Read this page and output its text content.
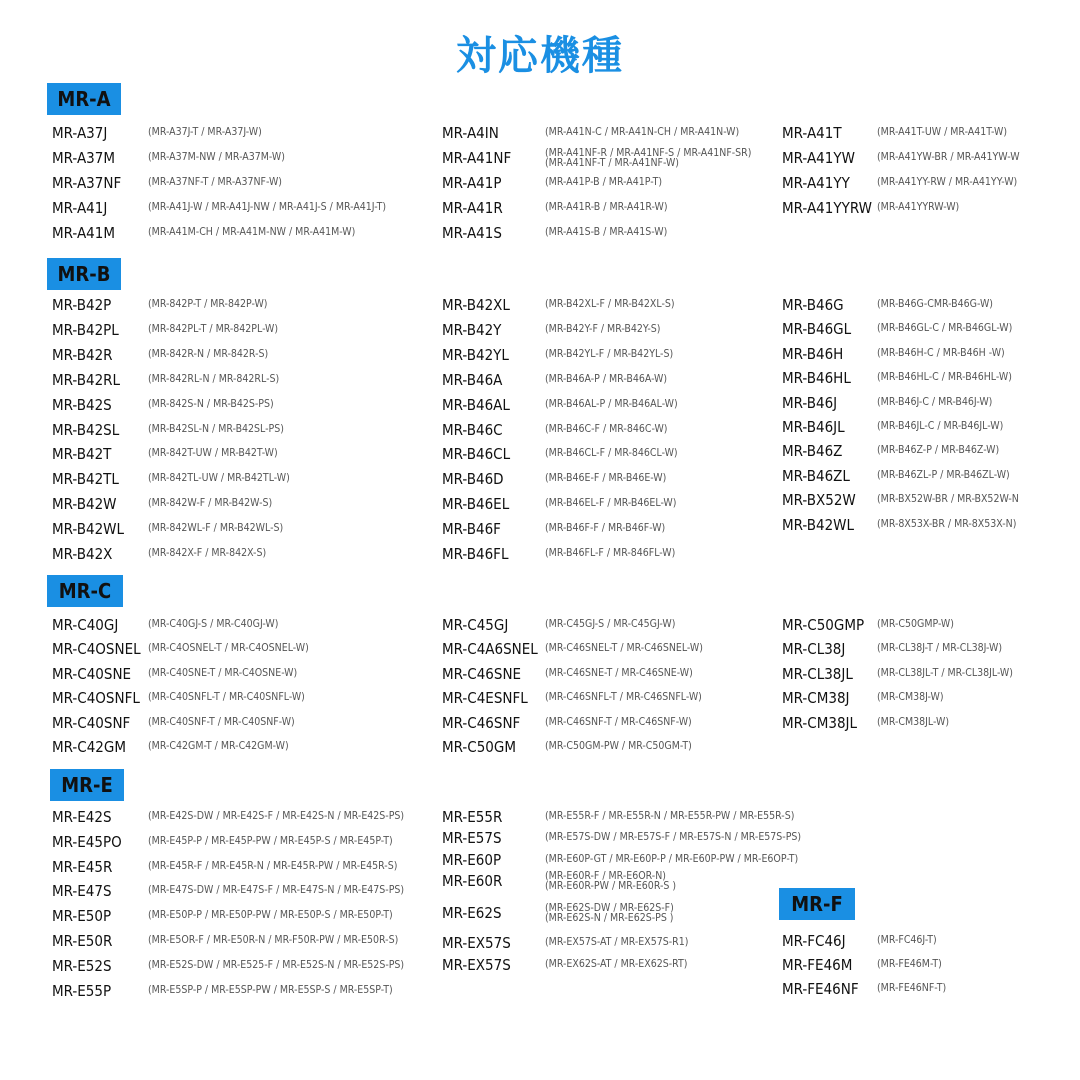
対応機種
MR-A
MR-A37J	(MR-A37J-T / MR-A37J-W)
MR-A37M	(MR-A37M-NW / MR-A37M-W)
MR-A37NF	(MR-A37NF-T / MR-A37NF-W)
MR-A41J	(MR-A41J-W / MR-A41J-NW / MR-A41J-S / MR-A41J-T)
MR-A41M	(MR-A41M-CH / MR-A41M-NW / MR-A41M-W)
MR-A4IN	(MR-A41N-C / MR-A41N-CH / MR-A41N-W)
MR-A41NF	(MR-A41NF-R / MR-A41NF-S / MR-A41NF-SR)
(MR-A41NF-T / MR-A41NF-W)
MR-A41P	(MR-A41P-B / MR-A41P-T)
MR-A41R	(MR-A41R-B / MR-A41R-W)
MR-A41S	(MR-A41S-B / MR-A41S-W)
MR-A41T	(MR-A41T-UW / MR-A41T-W)
MR-A41YW (MR-A41YW-BR / MR-A41YW-W
MR-A41YY	(MR-A41YY-RW / MR-A41YY-W)
MR-A41YYRW (MR-A41YYRW-W)
MR-B
MR-B42P	(MR-842P-T / MR-842P-W)
MR-B42PL	(MR-842PL-T / MR-842PL-W)
MR-B42R	(MR-842R-N / MR-842R-S)
MR-B42RL	(MR-842RL-N / MR-842RL-S)
MR-B42S	(MR-842S-N / MR-B42S-PS)
MR-B42SL	(MR-B42SL-N / MR-B42SL-PS)
MR-B42T	(MR-842T-UW / MR-B42T-W)
MR-B42TL	(MR-842TL-UW / MR-B42TL-W)
MR-B42W	(MR-842W-F / MR-B42W-S)
MR-B42WL (MR-842WL-F / MR-B42WL-S)
MR-B42X	(MR-842X-F / MR-842X-S)
MR-B42XL	(MR-B42XL-F / MR-B42XL-S)
MR-B42Y	(MR-B42Y-F / MR-B42Y-S)
MR-B42YL	(MR-B42YL-F / MR-B42YL-S)
MR-B46A	(MR-B46A-P / MR-B46A-W)
MR-B46AL	(MR-B46AL-P / MR-B46AL-W)
MR-B46C	(MR-B46C-F / MR-846C-W)
MR-B46CL	(MR-B46CL-F / MR-846CL-W)
MR-B46D	(MR-B46E-F / MR-B46E-W)
MR-B46EL	(MR-B46EL-F / MR-B46EL-W)
MR-B46F	(MR-B46F-F / MR-B46F-W)
MR-B46FL	(MR-B46FL-F / MR-846FL-W)
MR-B46G	(MR-B46G-CMR-B46G-W)
MR-B46GL (MR-B46GL-C / MR-B46GL-W)
MR-B46H	(MR-B46H-C / MR-B46H -W)
MR-B46HL (MR-B46HL-C / MR-B46HL-W)
MR-B46J	(MR-B46J-C / MR-B46J-W)
MR-B46JL	(MR-B46JL-C / MR-B46JL-W)
MR-B46Z	(MR-B46Z-P / MR-B46Z-W)
MR-B46ZL	(MR-B46ZL-P / MR-B46ZL-W)
MR-BX52W (MR-BX52W-BR / MR-BX52W-N
MR-B42WL (MR-8X53X-BR / MR-8X53X-N)
MR-C
MR-C40GJ	(MR-C40GJ-S / MR-C40GJ-W)
MR-C4OSNEL (MR-C4OSNEL-T / MR-C4OSNEL-W)
MR-C40SNE (MR-C40SNE-T / MR-C4OSNE-W)
MR-C4OSNFL (MR-C40SNFL-T / MR-C40SNFL-W)
MR-C40SNF (MR-C40SNF-T / MR-C40SNF-W)
MR-C42GM (MR-C42GM-T / MR-C42GM-W)
MR-C45GJ	(MR-C45GJ-S / MR-C45GJ-W)
MR-C4A6SNEL (MR-C46SNEL-T / MR-C46SNEL-W)
MR-C46SNE (MR-C46SNE-T / MR-C46SNE-W)
MR-C4ESNFL (MR-C46SNFL-T / MR-C46SNFL-W)
MR-C46SNF (MR-C46SNF-T / MR-C46SNF-W)
MR-C50GM	(MR-C50GM-PW / MR-C50GM-T)
MR-C50GMP (MR-C50GMP-W)
MR-CL38J	(MR-CL38J-T / MR-CL38J-W)
MR-CL38JL (MR-CL38JL-T / MR-CL38JL-W)
MR-CM38J	(MR-CM38J-W)
MR-CM38JL (MR-CM38JL-W)
MR-E
MR-E42S	(MR-E42S-DW / MR-E42S-F / MR-E42S-N / MR-E42S-PS)
MR-E45PO	(MR-E45P-P / MR-E45P-PW / MR-E45P-S / MR-E45P-T)
MR-E45R	(MR-E45R-F / MR-E45R-N / MR-E45R-PW / MR-E45R-S)
MR-E47S	(MR-E47S-DW / MR-E47S-F / MR-E47S-N / MR-E47S-PS)
MR-E50P	(MR-E50P-P / MR-E50P-PW / MR-E50P-S / MR-E50P-T)
MR-E50R	(MR-E5OR-F / MR-E50R-N / MR-F50R-PW / MR-E50R-S)
MR-E52S	(MR-E52S-DW / MR-E525-F / MR-E52S-N / MR-E52S-PS)
MR-E55P	(MR-E5SP-P / MR-E5SP-PW / MR-E5SP-S / MR-E5SP-T)
MR-E55R	(MR-E55R-F / MR-E55R-N / MR-E55R-PW / MR-E55R-S)
MR-E57S	(MR-E57S-DW / MR-E57S-F / MR-E57S-N / MR-E57S-PS)
MR-E60P	(MR-E60P-GT / MR-E60P-P / MR-E60P-PW / MR-E6OP-T)
MR-E60R	(MR-E60R-F / MR-E6OR-N)
(MR-E60R-PW / MR-E60R-S )
MR-E62S	(MR-E62S-DW / MR-E62S-F)
(MR-E62S-N / MR-E62S-PS )
MR-EX57S	(MR-EX57S-AT / MR-EX57S-R1)
MR-EX57S	(MR-EX62S-AT / MR-EX62S-RT)
MR-F
MR-FC46J	(MR-FC46J-T)
MR-FE46M (MR-FE46M-T)
MR-FE46NF (MR-FE46NF-T)
